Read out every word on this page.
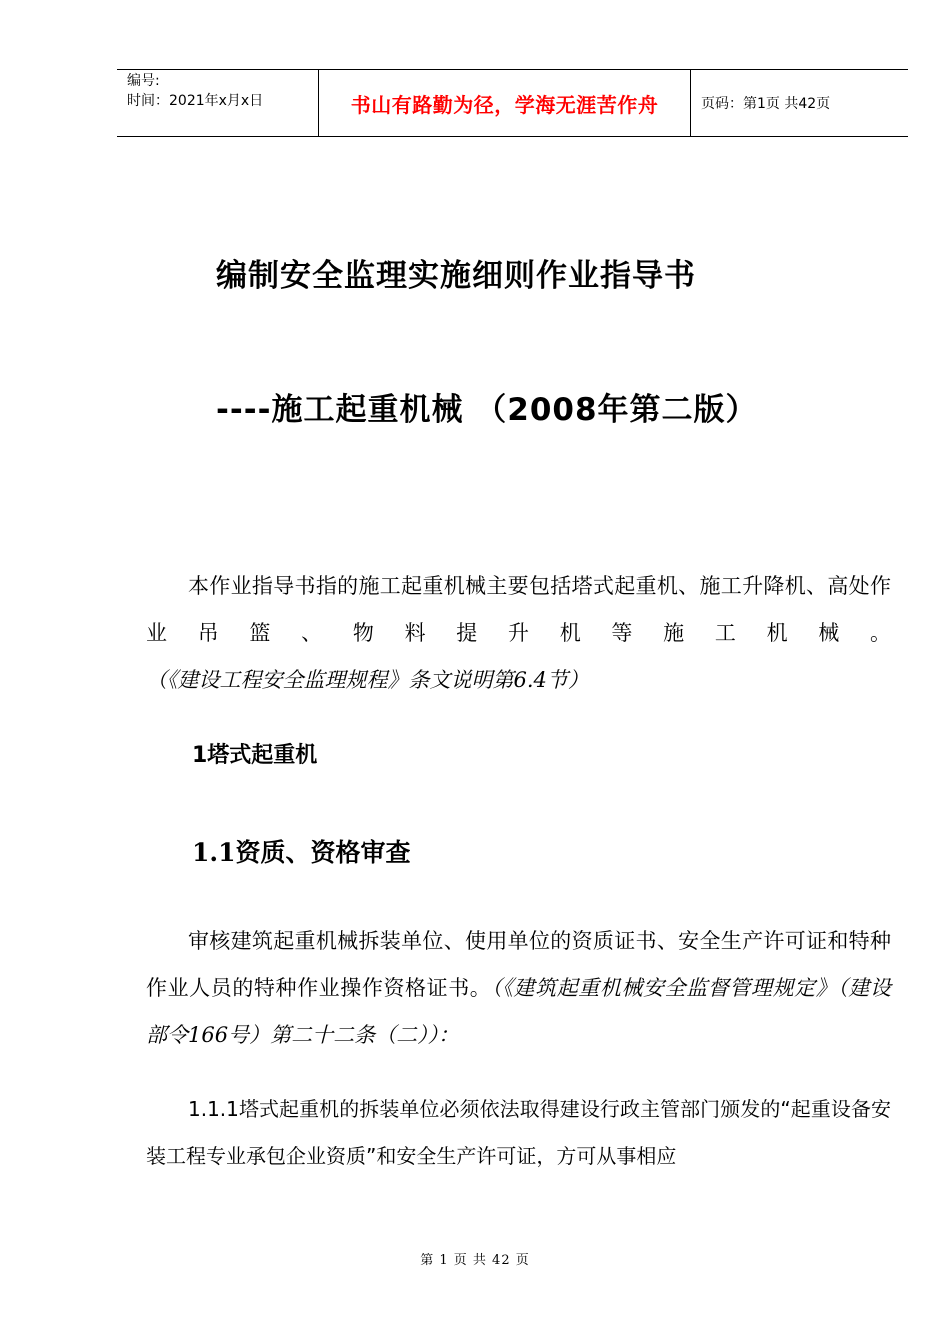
编号:
时间：2021年x月x日	书山有路勤为径，学海无涯苦作舟	页码：第1页 共42页
编制安全监理实施细则作业指导书
----施工起重机械 （2008年第二版）
本作业指导书指的施工起重机械主要包括塔式起重机、施工升降机、高处作业吊篮、物料提升机等施工机械。（《建设工程安全监理规程》条文说明第6.4节）
1塔式起重机
1.1资质、资格审查
审核建筑起重机械拆装单位、使用单位的资质证书、安全生产许可证和特种作业人员的特种作业操作资格证书。（《建筑起重机械安全监督管理规定》（建设部令166号）第二十二条（二））：
1.1.1塔式起重机的拆装单位必须依法取得建设行政主管部门颁发的“起重设备安装工程专业承包企业资质”和安全生产许可证，方可从事相应
第 1 页 共 42 页
